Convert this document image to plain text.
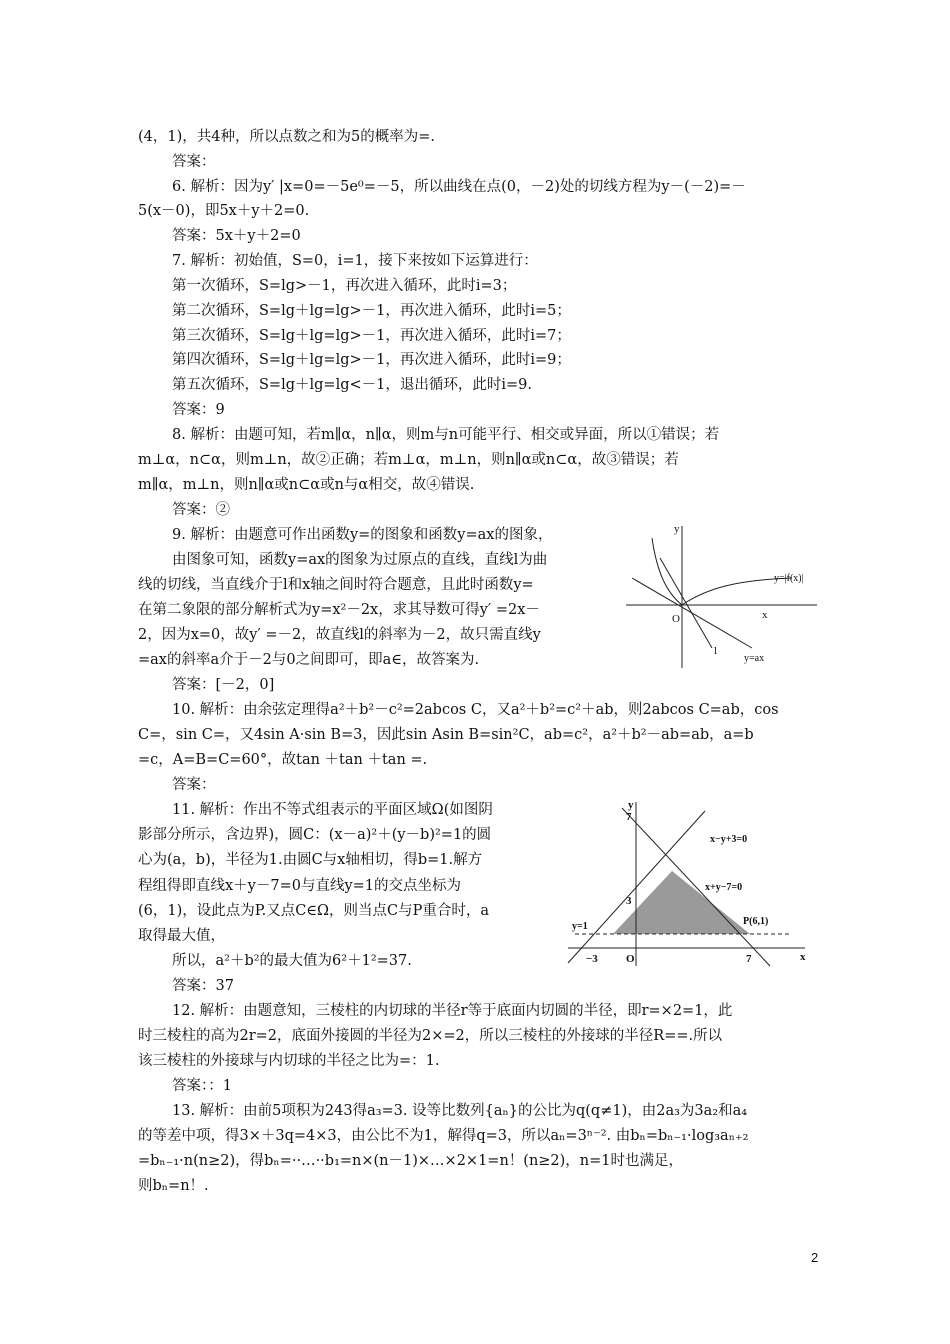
(4，1)，共4种，所以点数之和为5的概率为=.
答案：
6. 解析：因为y′ |x=0=－5e⁰=－5，所以曲线在点(0，－2)处的切线方程为y－(－2)=－
5(x－0)，即5x＋y＋2=0.
答案：5x＋y＋2=0
7. 解析：初始值，S=0，i=1，接下来按如下运算进行：
第一次循环，S=lg>－1，再次进入循环，此时i=3；
第二次循环，S=lg＋lg=lg>－1，再次进入循环，此时i=5；
第三次循环，S=lg＋lg=lg>－1，再次进入循环，此时i=7；
第四次循环，S=lg＋lg=lg>－1，再次进入循环，此时i=9；
第五次循环，S=lg＋lg=lg<－1，退出循环，此时i=9.
答案：9
8. 解析：由题可知，若m∥α，n∥α，则m与n可能平行、相交或异面，所以①错误；若
m⊥α，n⊂α，则m⊥n，故②正确；若m⊥α，m⊥n，则n∥α或n⊂α，故③错误；若
m∥α，m⊥n，则n∥α或n⊂α或n与α相交，故④错误.
答案：②
9. 解析：由题意可作出函数y=的图象和函数y=ax的图象，
由图象可知，函数y=ax的图象为过原点的直线，直线l为曲
线的切线，当直线介于l和x轴之间时符合题意，且此时函数y=
在第二象限的部分解析式为y=x²－2x，求其导数可得y′ =2x－
2，因为x=0，故y′ =－2，故直线l的斜率为－2，故只需直线y
=ax的斜率a介于－2与0之间即可，即a∈，故答案为.
答案：[－2，0]
10. 解析：由余弦定理得a²＋b²－c²=2abcos C，又a²＋b²=c²＋ab，则2abcos C=ab，cos
C=，sin C=，又4sin A·sin B=3，因此sin Asin B=sin²C，ab=c²，a²＋b²－ab=ab，a=b
=c，A=B=C=60°，故tan ＋tan ＋tan =.
答案：
11. 解析：作出不等式组表示的平面区域Ω(如图阴
影部分所示，含边界)，圆C：(x－a)²＋(y－b)²=1的圆
心为(a，b)，半径为1.由圆C与x轴相切，得b=1.解方
程组得即直线x＋y－7=0与直线y=1的交点坐标为
(6，1)，设此点为P.又点C∈Ω，则当点C与P重合时，a
取得最大值，
所以，a²＋b²的最大值为6²＋1²=37.
答案：37
12. 解析：由题意知，三棱柱的内切球的半径r等于底面内切圆的半径，即r=×2=1，此
时三棱柱的高为2r=2，底面外接圆的半径为2×=2，所以三棱柱的外接球的半径R==.所以
该三棱柱的外接球与内切球的半径之比为=：1.
答案：：1
13. 解析：由前5项积为243得a₃=3. 设等比数列{aₙ}的公比为q(q≠1)，由2a₃为3a₂和a₄
的等差中项，得3×＋3q=4×3，由公比不为1，解得q=3，所以aₙ=3ⁿ⁻². 由bₙ=bₙ₋₁·log₃aₙ₊₂
=bₙ₋₁·n(n≥2)，得bₙ=··…··b₁=n×(n－1)×…×2×1=n！(n≥2)，n=1时也满足，
则bₙ=n！.
y
x
O
y=|f(x)|
l
y=ax
y
x
O
7
3
−3	7
x−y+3=0
x+y−7=0
y=1	P(6,1)
2
